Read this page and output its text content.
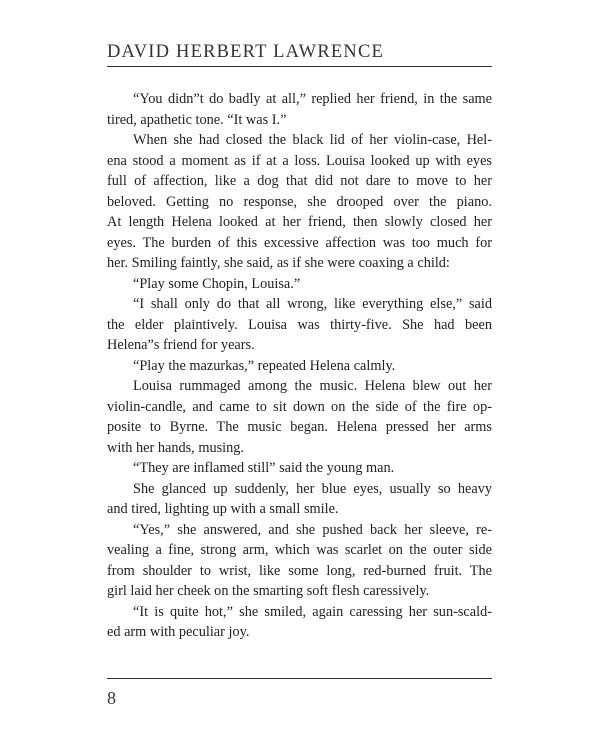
DAVID HERBERT LAWRENCE
“You didn”t do badly at all,” replied her friend, in the same
tired, apathetic tone. “It was I.”
When she had closed the black lid of her violin-case, Hel-
ena stood a moment as if at a loss. Louisa looked up with eyes
full of affection, like a dog that did not dare to move to her
beloved. Getting no response, she drooped over the piano.
At length Helena looked at her friend, then slowly closed her
eyes. The burden of this excessive affection was too much for
her. Smiling faintly, she said, as if she were coaxing a child:
“Play some Chopin, Louisa.”
“I shall only do that all wrong, like everything else,” said
the elder plaintively. Louisa was thirty-five. She had been
Helena”s friend for years.
“Play the mazurkas,” repeated Helena calmly.
Louisa rummaged among the music. Helena blew out her
violin-candle, and came to sit down on the side of the fire op-
posite to Byrne. The music began. Helena pressed her arms
with her hands, musing.
“They are inflamed still” said the young man.
She glanced up suddenly, her blue eyes, usually so heavy
and tired, lighting up with a small smile.
“Yes,” she answered, and she pushed back her sleeve, re-
vealing a fine, strong arm, which was scarlet on the outer side
from shoulder to wrist, like some long, red-burned fruit. The
girl laid her cheek on the smarting soft flesh caressively.
“It is quite hot,” she smiled, again caressing her sun-scald-
ed arm with peculiar joy.
8
